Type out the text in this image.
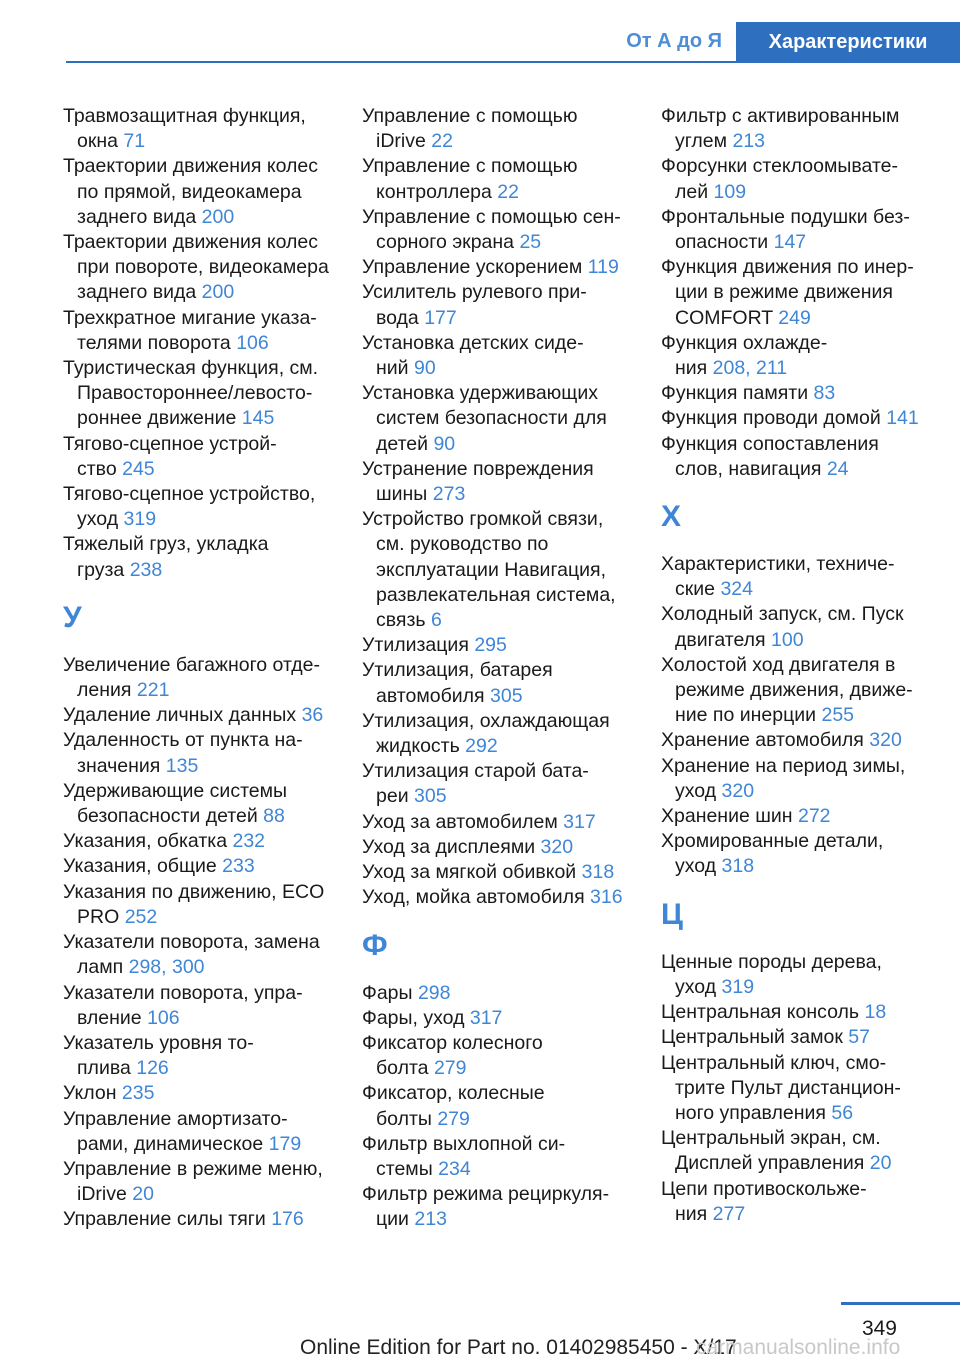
От А до Я	Характеристики
Травмозащитная функция,
окна 71
Траектории движения колес
по прямой, видеокамера
заднего вида 200
Траектории движения колес
при повороте, видеокамера
заднего вида 200
Трехкратное мигание указа‐
телями поворота 106
Туристическая функция, см.
Правостороннее/левосто‐
роннее движение 145
Тягово-сцепное устрой‐
ство 245
Тягово-сцепное устройство,
уход 319
Тяжелый груз, укладка
груза 238
У
Увеличение багажного отде‐
ления 221
Удаление личных данных 36
Удаленность от пункта на‐
значения 135
Удерживающие системы
безопасности детей 88
Указания, обкатка 232
Указания, общие 233
Указания по движению, ECO
PRO 252
Указатели поворота, замена
ламп 298, 300
Указатели поворота, упра‐
вление 106
Указатель уровня то‐
плива 126
Уклон 235
Управление амортизато‐
рами, динамическое 179
Управление в режиме меню,
iDrive 20
Управление силы тяги 176
Управление с помощью
iDrive 22
Управление с помощью
контроллера 22
Управление с помощью сен‐
сорного экрана 25
Управление ускорением 119
Усилитель рулевого при‐
вода 177
Установка детских сиде‐
ний 90
Установка удерживающих
систем безопасности для
детей 90
Устранение повреждения
шины 273
Устройство громкой связи,
см. руководство по
эксплуатации Навигация,
развлекательная система,
связь 6
Утилизация 295
Утилизация, батарея
автомобиля 305
Утилизация, охлаждающая
жидкость 292
Утилизация старой бата‐
реи 305
Уход за автомобилем 317
Уход за дисплеями 320
Уход за мягкой обивкой 318
Уход, мойка автомобиля 316
Ф
Фары 298
Фары, уход 317
Фиксатор колесного
болта 279
Фиксатор, колесные
болты 279
Фильтр выхлопной си‐
стемы 234
Фильтр режима рециркуля‐
ции 213
Фильтр с активированным
углем 213
Форсунки стеклоомывате‐
лей 109
Фронтальные подушки без‐
опасности 147
Функция движения по инер‐
ции в режиме движения
COMFORT 249
Функция охлажде‐
ния 208, 211
Функция памяти 83
Функция проводи домой 141
Функция сопоставления
слов, навигация 24
Х
Характеристики, техниче‐
ские 324
Холодный запуск, см. Пуск
двигателя 100
Холостой ход двигателя в
режиме движения, движе‐
ние по инерции 255
Хранение автомобиля 320
Хранение на период зимы,
уход 320
Хранение шин 272
Хромированные детали,
уход 318
Ц
Ценные породы дерева,
уход 319
Центральная консоль 18
Центральный замок 57
Центральный ключ, смо‐
трите Пульт дистанцион‐
ного управления 56
Центральный экран, см.
Дисплей управления 20
Цепи противоскольже‐
ния 277
349
Online Edition for Part no. 01402985450 - X/17
carmanualsonline.info
